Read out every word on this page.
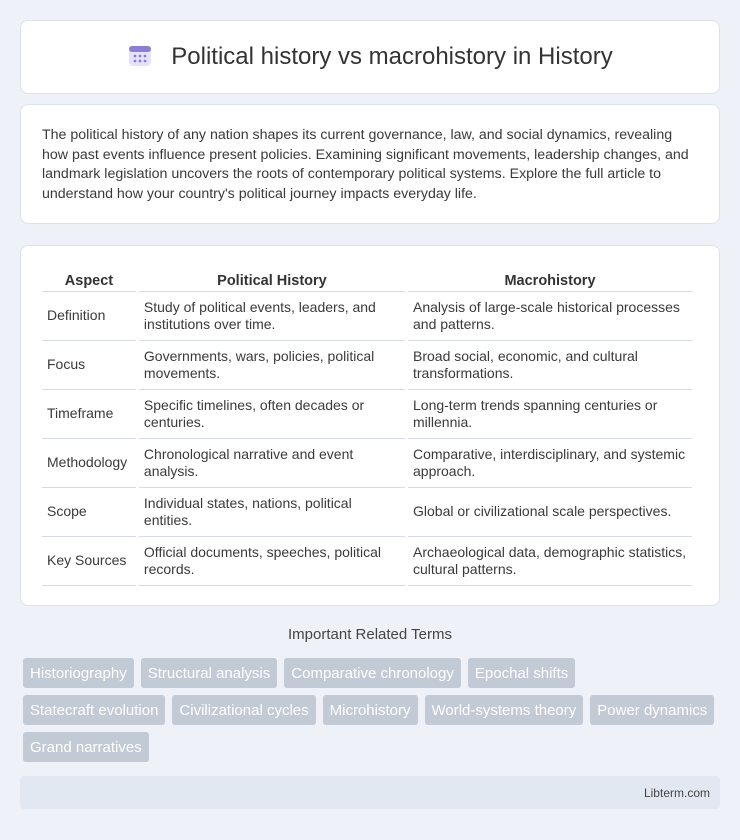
Political history vs macrohistory in History

The political history of any nation shapes its current governance, law, and social dynamics, revealing how past events influence present policies. Examining significant movements, leadership changes, and landmark legislation uncovers the roots of contemporary political systems. Explore the full article to understand how your country's political journey impacts everyday life.

Aspect	Political History	Macrohistory
Definition	Study of political events, leaders, and institutions over time.	Analysis of large-scale historical processes and patterns.
Focus	Governments, wars, policies, political movements.	Broad social, economic, and cultural transformations.
Timeframe	Specific timelines, often decades or centuries.	Long-term trends spanning centuries or millennia.
Methodology	Chronological narrative and event analysis.	Comparative, interdisciplinary, and systemic approach.
Scope	Individual states, nations, political entities.	Global or civilizational scale perspectives.
Key Sources	Official documents, speeches, political records.	Archaeological data, demographic statistics, cultural patterns.
Important Related Terms
Historiography	Structural analysis	Comparative chronology	Epochal shifts
Statecraft evolution	Civilizational cycles	Microhistory	World-systems theory	Power dynamics
Grand narratives
Libterm.com
